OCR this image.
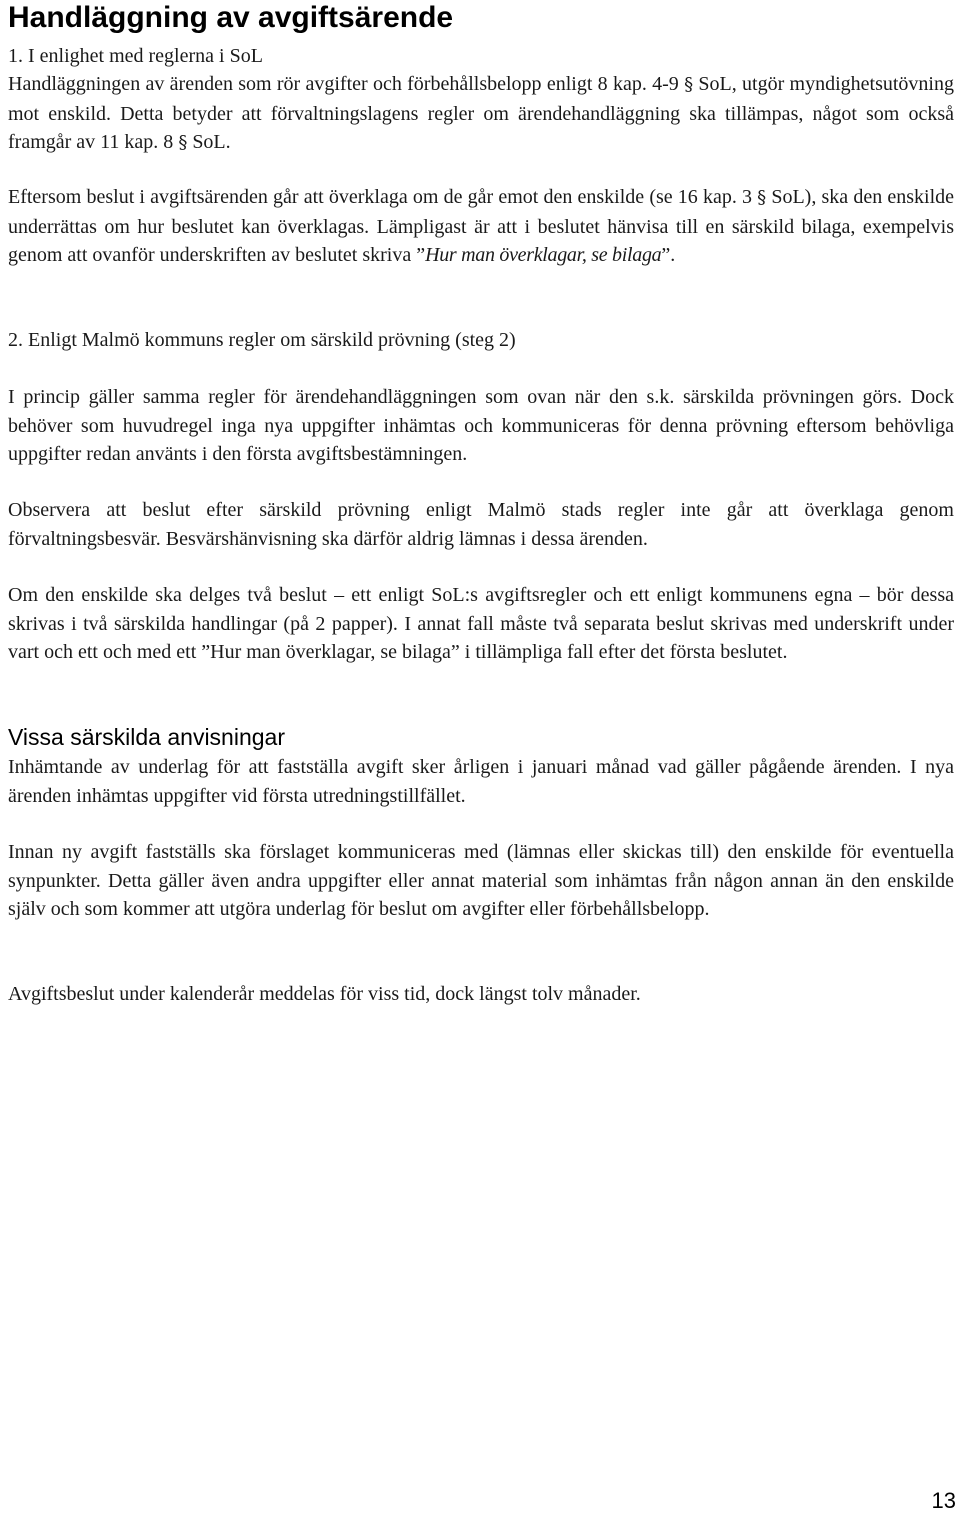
Handläggning av avgiftsärende

1. I enlighet med reglerna i SoL

Handläggningen av ärenden som rör avgifter och förbehållsbelopp enligt 8 kap. 4-9 § SoL, utgör myndighetsutövning mot enskild. Detta betyder att förvaltningslagens regler om ärendehandläggning ska tillämpas, något som också framgår av 11 kap. 8 § SoL.

Eftersom beslut i avgiftsärenden går att överklaga om de går emot den enskilde (se 16 kap. 3 § SoL), ska den enskilde underrättas om hur beslutet kan överklagas. Lämpligast är att i beslutet hänvisa till en särskild bilaga, exempelvis genom att ovanför underskriften av beslutet skriva ”Hur man överklagar, se bilaga”.

2. Enligt Malmö kommuns regler om särskild prövning (steg 2)

I princip gäller samma regler för ärendehandläggningen som ovan när den s.k. särskilda prövningen görs. Dock behöver som huvudregel inga nya uppgifter inhämtas och kommuniceras för denna prövning eftersom behövliga uppgifter redan använts i den första avgiftsbestämningen.

Observera att beslut efter särskild prövning enligt Malmö stads regler inte går att överklaga genom förvaltningsbesvär. Besvärshänvisning ska därför aldrig lämnas i dessa ärenden.

Om den enskilde ska delges två beslut – ett enligt SoL:s avgiftsregler och ett enligt kommunens egna – bör dessa skrivas i två särskilda handlingar (på 2 papper). I annat fall måste två separata beslut skrivas med underskrift under vart och ett och med ett ”Hur man överklagar, se bilaga” i tillämpliga fall efter det första beslutet.

Vissa särskilda anvisningar

Inhämtande av underlag för att fastställa avgift sker årligen i januari månad vad gäller pågående ärenden. I nya ärenden inhämtas uppgifter vid första utredningstillfället.

Innan ny avgift fastställs ska förslaget kommuniceras med (lämnas eller skickas till) den enskilde för eventuella synpunkter. Detta gäller även andra uppgifter eller annat material som inhämtas från någon annan än den enskilde själv och som kommer att utgöra underlag för beslut om avgifter eller förbehållsbelopp.

Avgiftsbeslut under kalenderår meddelas för viss tid, dock längst tolv månader.

13
